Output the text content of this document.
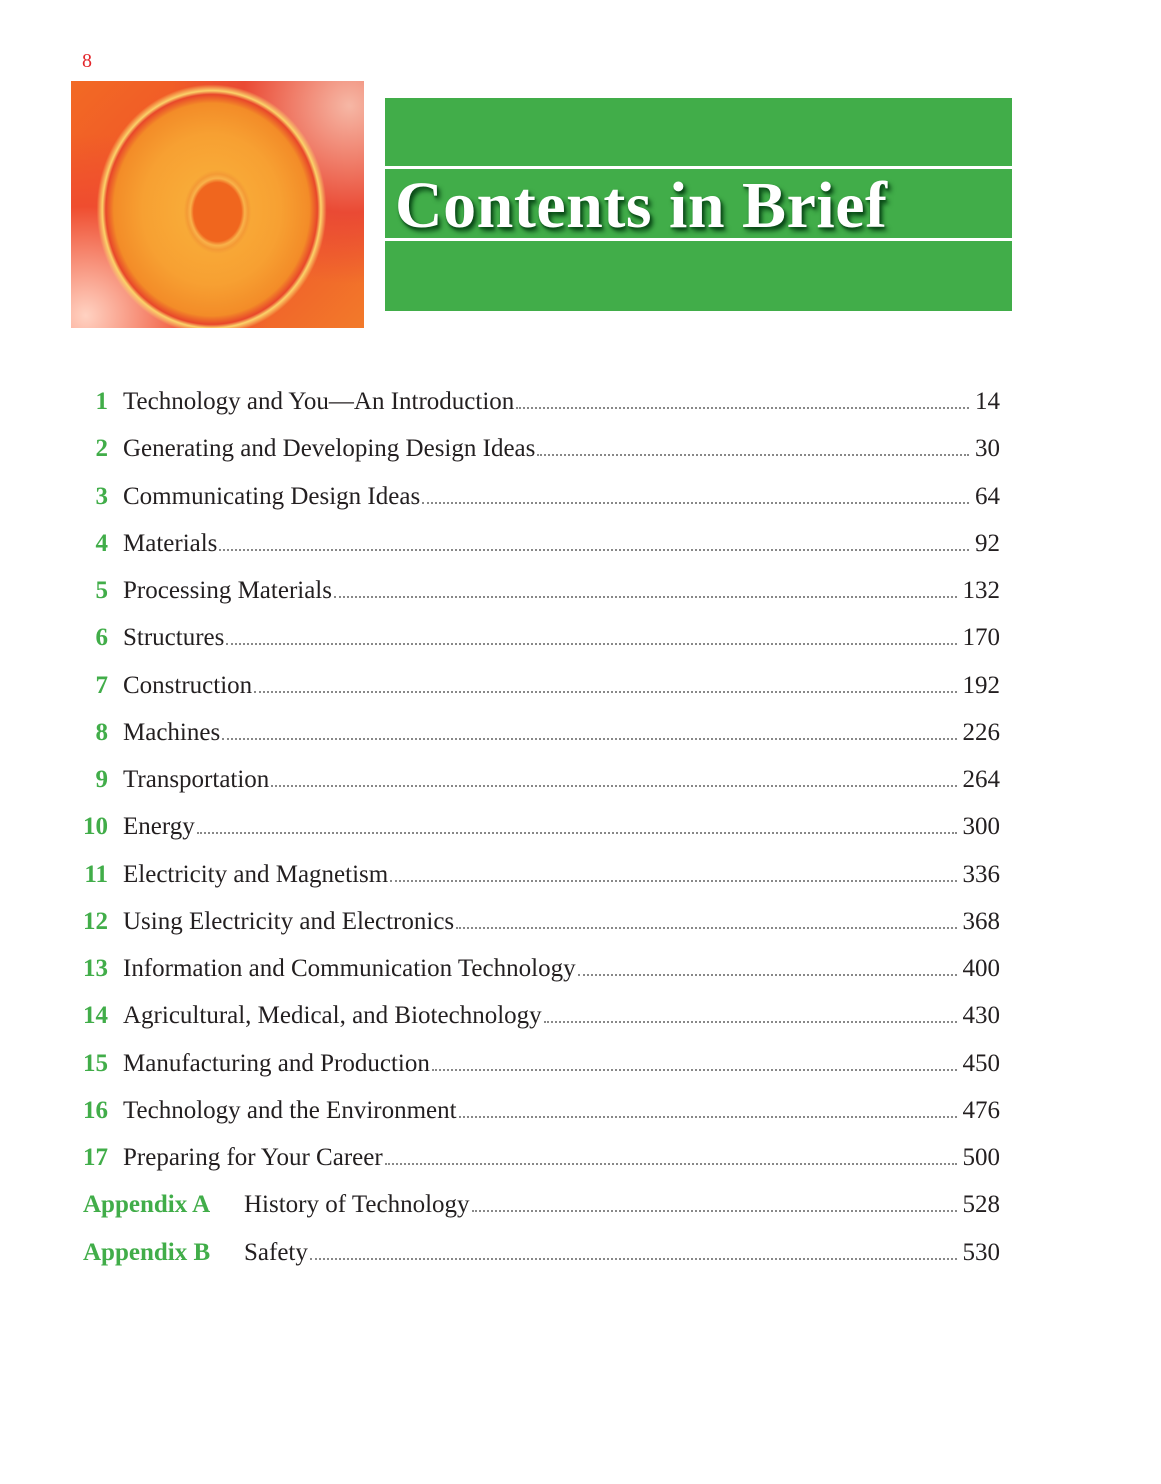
8
Contents in Brief
1 Technology and You—An Introduction	14
2 Generating and Developing Design Ideas	30
3 Communicating Design Ideas	64
4 Materials	92
5 Processing Materials	132
6 Structures	170
7 Construction	192
8 Machines	226
9 Transportation	264
10 Energy	300
11 Electricity and Magnetism	336
12 Using Electricity and Electronics	368
13 Information and Communication Technology	400
14 Agricultural, Medical, and Biotechnology	430
15 Manufacturing and Production	450
16 Technology and the Environment	476
17 Preparing for Your Career	500
Appendix A History of Technology	528
Appendix B Safety	530
